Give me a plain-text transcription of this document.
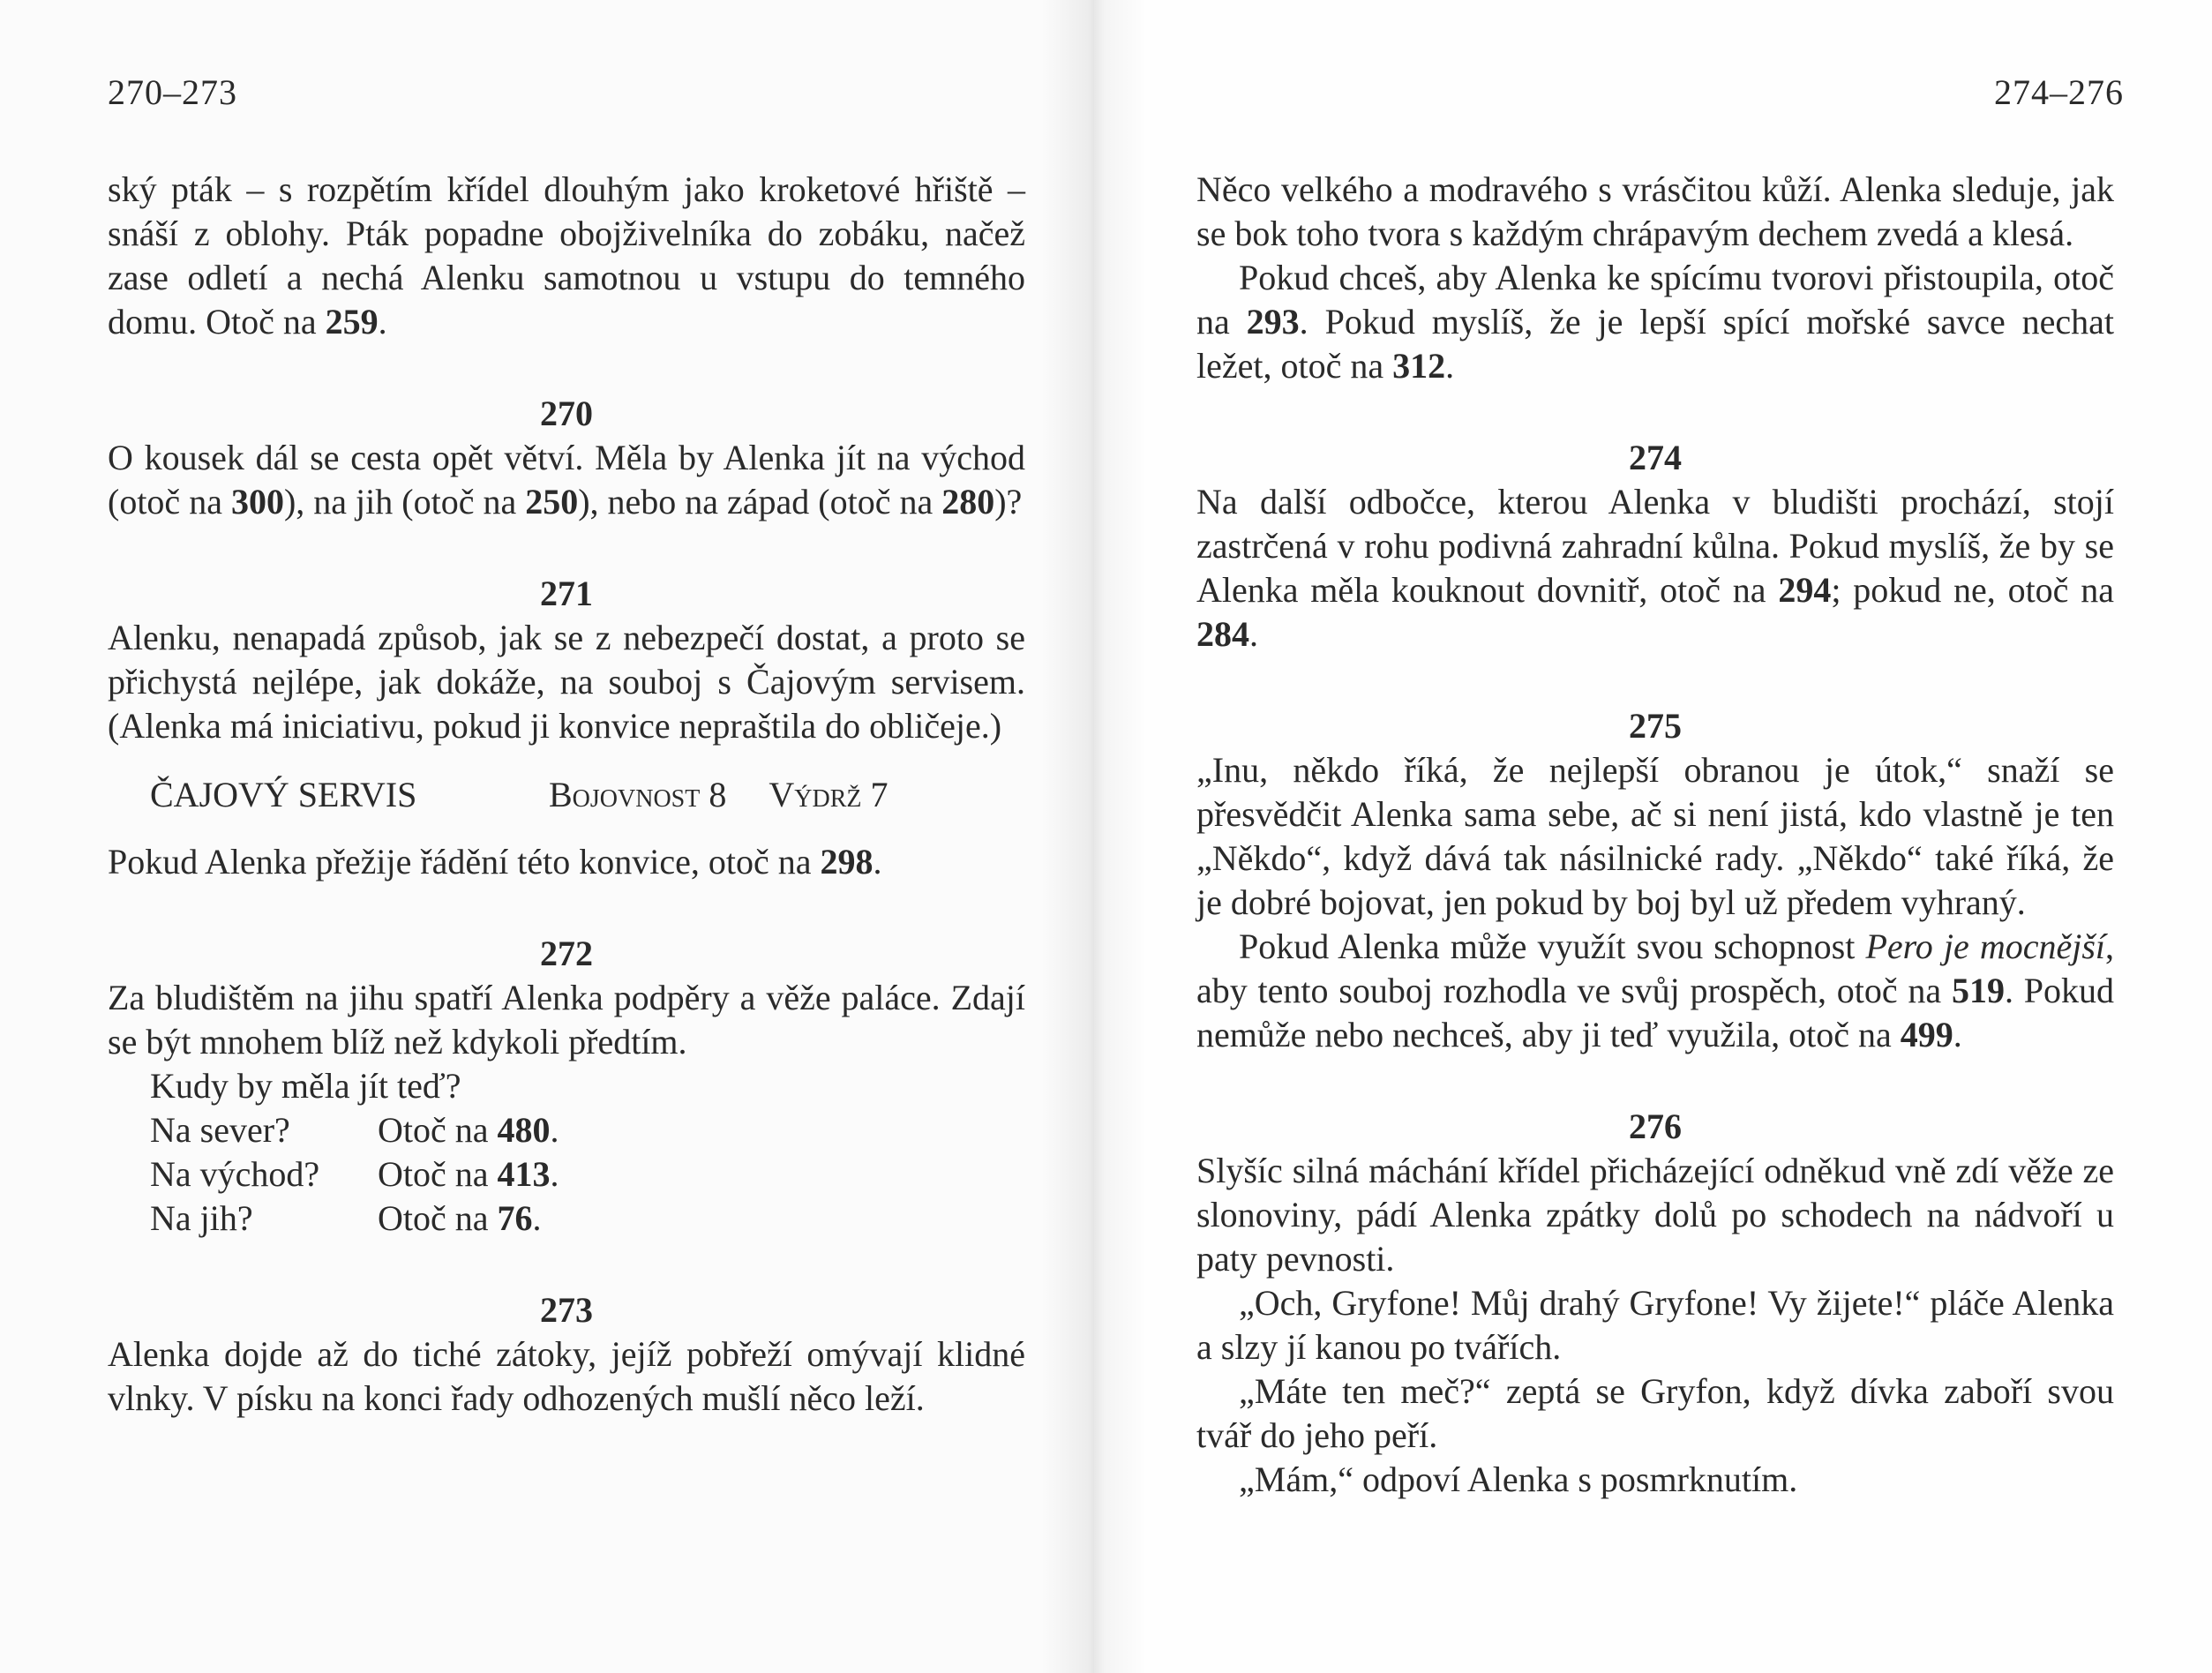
270–273

ský pták – s rozpětím křídel dlouhým jako kroketové hřiště – snáší z oblohy. Pták popadne obojživelníka do zobáku, načež zase odletí a nechá Alenku samotnou u vstupu do temného domu. Otoč na 259.

270

O kousek dál se cesta opět větví. Měla by Alenka jít na východ (otoč na 300), na jih (otoč na 250), nebo na západ (otoč na 280)?

271

Alenku, nenapadá způsob, jak se z nebezpečí dostat, a proto se přichystá nejlépe, jak dokáže, na souboj s Čajovým servisem. (Alenka má iniciativu, pokud ji konvice nepraštila do obličeje.)

ČAJOVÝ SERVIS	Bojovnost
8 Výdrž
7

Pokud Alenka přežije řádění této konvice, otoč na 298.

272

Za bludištěm na jihu spatří Alenka podpěry a věže paláce. Zdají se být mnohem blíž než kdykoli předtím.

Kudy by měla jít teď?
Na sever?	Otoč na 480.
Na východ?	Otoč na 413.
Na jih?	Otoč na 76.

273

Alenka dojde až do tiché zátoky, jejíž pobřeží omývají klidné vlnky. V písku na konci řady odhozených mušlí něco leží.

274–276

Něco velkého a modravého s vrásčitou kůží. Alenka sleduje, jak se bok toho tvora s každým chrápavým dechem zvedá a klesá.

Pokud chceš, aby Alenka ke spícímu tvorovi přistoupila, otoč na 293. Pokud myslíš, že je lepší spící mořské savce nechat ležet, otoč na 312.

274

Na další odbočce, kterou Alenka v bludišti prochází, stojí zastrčená v rohu podivná zahradní kůlna. Pokud myslíš, že by se Alenka měla kouknout dovnitř, otoč na 294; pokud ne, otoč na 284.

275

„Inu, někdo říká, že nejlepší obranou je útok,“ snaží se přesvědčit Alenka sama sebe, ač si není jistá, kdo vlastně je ten „Někdo“, když dává tak násilnické rady. „Někdo“ také říká, že je dobré bojovat, jen pokud by boj byl už předem vyhraný.

Pokud Alenka může využít svou schopnost Pero je mocnější, aby tento souboj rozhodla ve svůj prospěch, otoč na 519. Pokud nemůže nebo nechceš, aby ji teď využila, otoč na 499.

276

Slyšíc silná máchání křídel přicházející odněkud vně zdí věže ze slonoviny, pádí Alenka zpátky dolů po schodech na nádvoří u paty pevnosti.

„Och, Gryfone! Můj drahý Gryfone! Vy žijete!“ pláče Alenka a slzy jí kanou po tvářích.

„Máte ten meč?“ zeptá se Gryfon, když dívka zaboří svou tvář do jeho peří.

„Mám,“ odpoví Alenka s posmrknutím.
